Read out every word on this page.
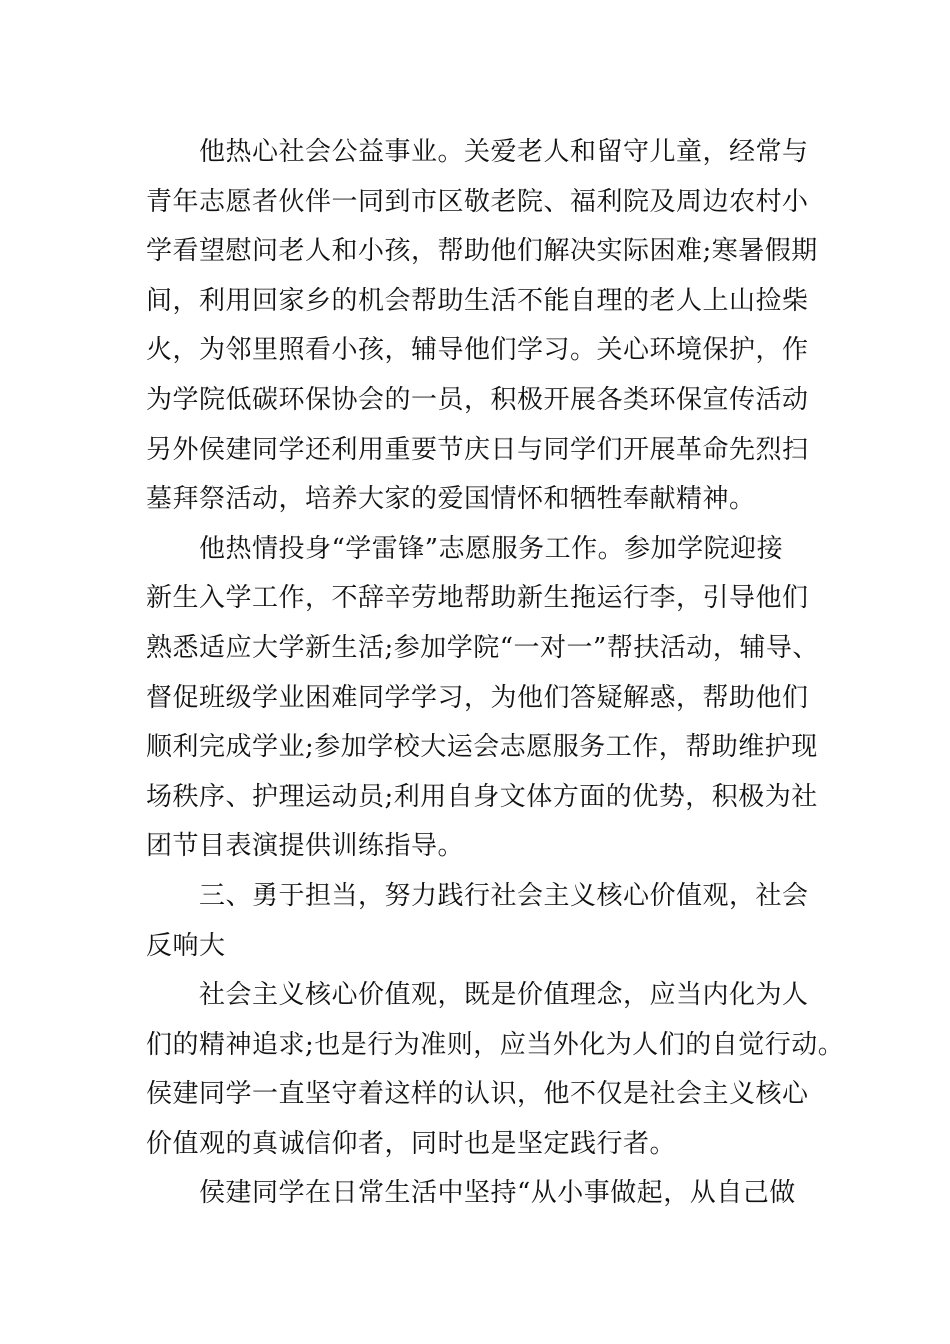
他热心社会公益事业。关爱老人和留守儿童，经常与
青年志愿者伙伴一同到市区敬老院、福利院及周边农村小
学看望慰问老人和小孩，帮助他们解决实际困难;寒暑假期
间，利用回家乡的机会帮助生活不能自理的老人上山捡柴
火，为邻里照看小孩，辅导他们学习。关心环境保护，作
为学院低碳环保协会的一员，积极开展各类环保宣传活动
另外侯建同学还利用重要节庆日与同学们开展革命先烈扫
墓拜祭活动，培养大家的爱国情怀和牺牲奉献精神。
他热情投身“学雷锋”志愿服务工作。参加学院迎接
新生入学工作，不辞辛劳地帮助新生拖运行李，引导他们
熟悉适应大学新生活;参加学院“一对一”帮扶活动，辅导、
督促班级学业困难同学学习，为他们答疑解惑，帮助他们
顺利完成学业;参加学校大运会志愿服务工作，帮助维护现
场秩序、护理运动员;利用自身文体方面的优势，积极为社
团节目表演提供训练指导。
三、勇于担当，努力践行社会主义核心价值观，社会
反响大
社会主义核心价值观，既是价值理念，应当内化为人
们的精神追求;也是行为准则，应当外化为人们的自觉行动。
侯建同学一直坚守着这样的认识，他不仅是社会主义核心
价值观的真诚信仰者，同时也是坚定践行者。
侯建同学在日常生活中坚持“从小事做起，从自己做
